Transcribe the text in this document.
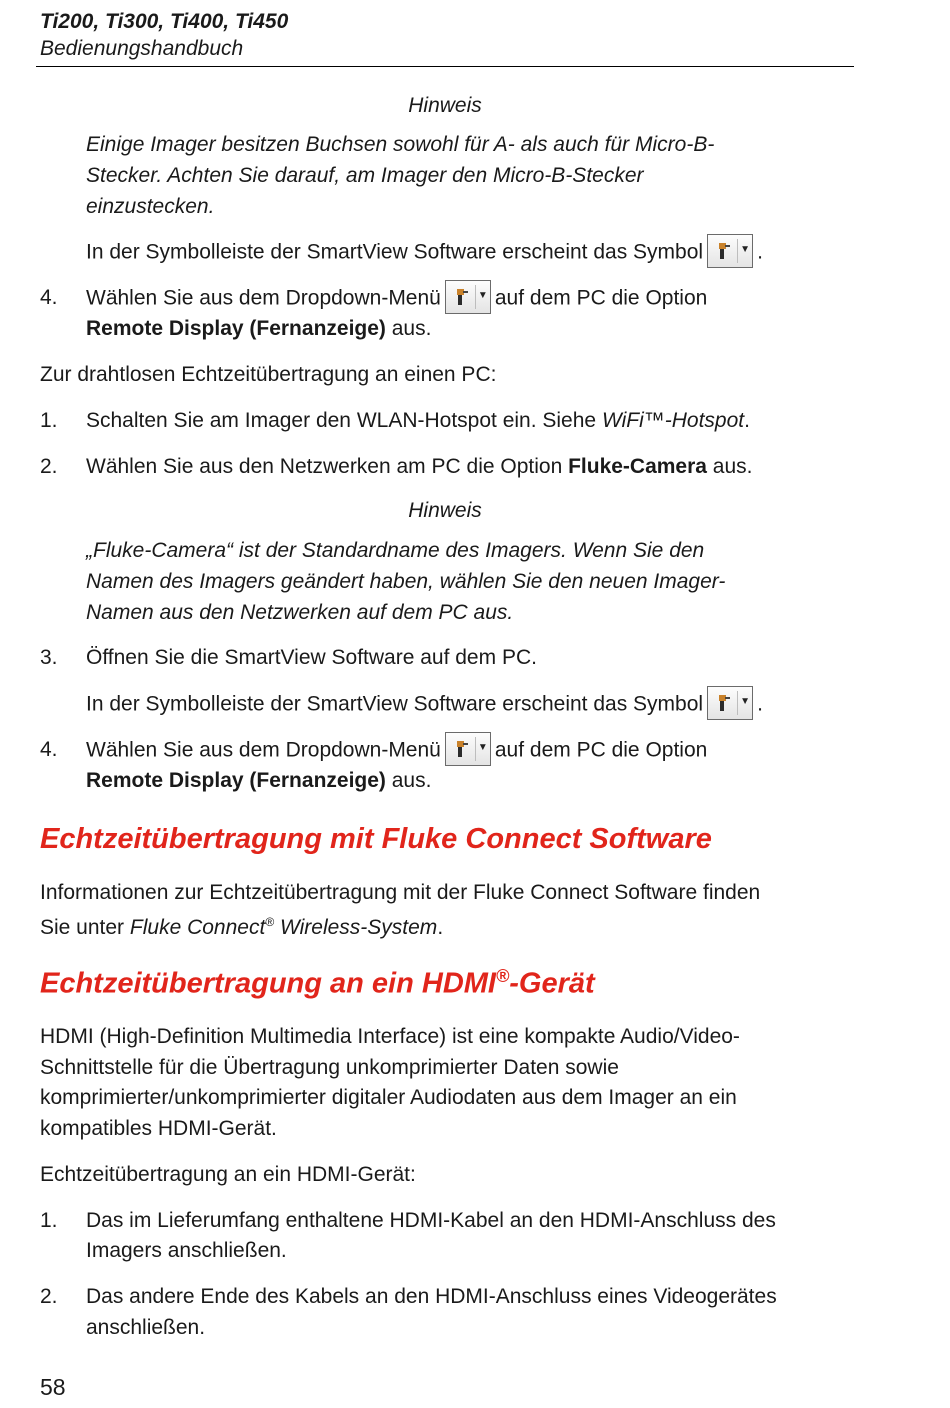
Ti200, Ti300, Ti400, Ti450
Bedienungshandbuch
Hinweis
Einige Imager besitzen Buchsen sowohl für A- als auch für Micro-B-
Stecker. Achten Sie darauf, am Imager den Micro-B-Stecker
einzustecken.
In der Symbolleiste der SmartView Software erscheint das Symbol	▼ .
4. Wählen Sie aus dem Dropdown-Menü	▼ auf dem PC die Option
Remote Display (Fernanzeige) aus.
Zur drahtlosen Echtzeitübertragung an einen PC:
1. Schalten Sie am Imager den WLAN-Hotspot ein. Siehe WiFi™-Hotspot.
2. Wählen Sie aus den Netzwerken am PC die Option Fluke-Camera aus.
Hinweis
„Fluke-Camera“ ist der Standardname des Imagers. Wenn Sie den
Namen des Imagers geändert haben, wählen Sie den neuen Imager-
Namen aus den Netzwerken auf dem PC aus.
3. Öffnen Sie die SmartView Software auf dem PC.
In der Symbolleiste der SmartView Software erscheint das Symbol	▼ .
4. Wählen Sie aus dem Dropdown-Menü	▼ auf dem PC die Option
Remote Display (Fernanzeige) aus.
Echtzeitübertragung mit Fluke Connect Software
Informationen zur Echtzeitübertragung mit der Fluke Connect Software finden
Sie unter Fluke Connect® Wireless-System.
Echtzeitübertragung an ein HDMI®-Gerät
HDMI (High-Definition Multimedia Interface) ist eine kompakte Audio/Video-
Schnittstelle für die Übertragung unkomprimierter Daten sowie
komprimierter/unkomprimierter digitaler Audiodaten aus dem Imager an ein
kompatibles HDMI-Gerät.
Echtzeitübertragung an ein HDMI-Gerät:
1. Das im Lieferumfang enthaltene HDMI-Kabel an den HDMI-Anschluss des
Imagers anschließen.
2. Das andere Ende des Kabels an den HDMI-Anschluss eines Videogerätes
anschließen.
58
